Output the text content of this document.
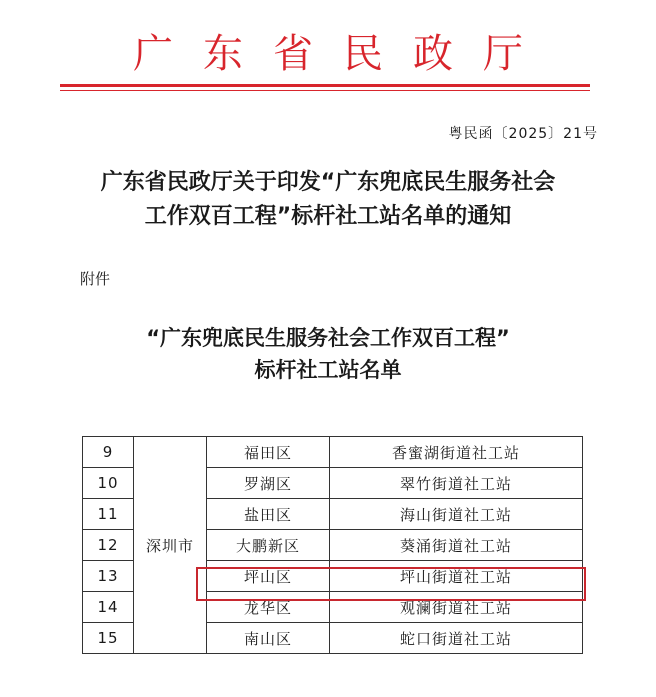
广东省民政厅
粤民函〔2025〕21号
广东省民政厅关于印发“广东兜底民生服务社会
工作双百工程”标杆社工站名单的通知
附件
“广东兜底民生服务社会工作双百工程”
标杆社工站名单
9	深圳市	福田区	香蜜湖街道社工站
10		罗湖区	翠竹街道社工站
11		盐田区	海山街道社工站
12		大鹏新区	葵涌街道社工站
13		坪山区	坪山街道社工站
14		龙华区	观澜街道社工站
15		南山区	蛇口街道社工站
